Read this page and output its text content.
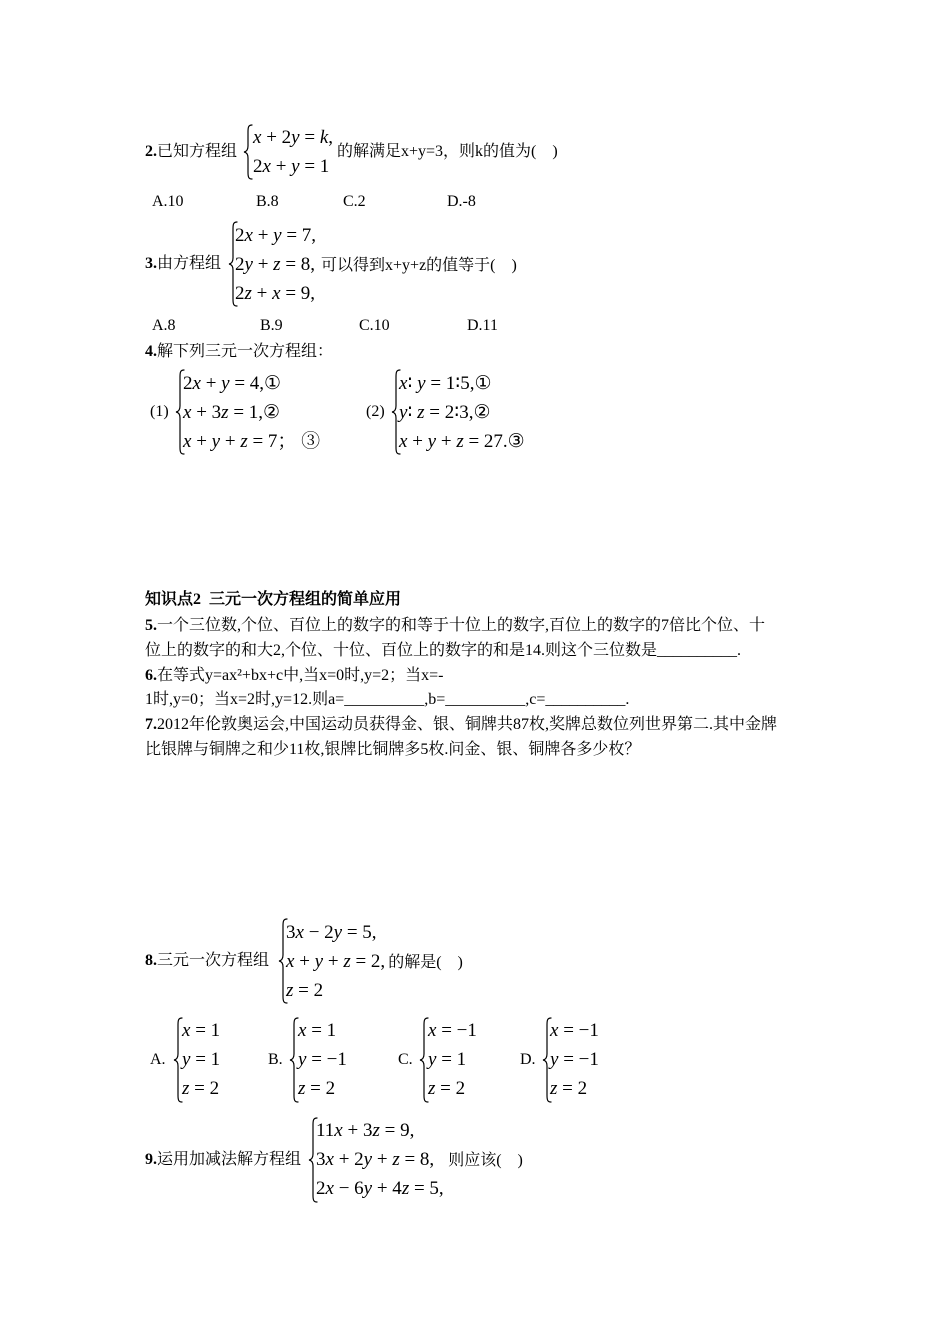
2.已知方程组
x + 2y = k,
2x + y = 1
的解满足x+y=3，则k的值为(    )
A.10	B.8	C.2	D.-8
3.由方程组
2x + y = 7,
2y + z = 8, 可以得到x+y+z的值等于(    )
2z + x = 9,
A.8	B.9	C.10	D.11
4.解下列三元一次方程组：
(1)
2x + y = 4,①
x + 3z = 1,②
x + y + z = 7； ③
(2)
x∶ y = 1∶5,①
y∶ z = 2∶3,②
x + y + z = 27.③
知识点2  三元一次方程组的简单应用
5.一个三位数,个位、百位上的数字的和等于十位上的数字,百位上的数字的7倍比个位、十
位上的数字的和大2,个位、十位、百位上的数字的和是14.则这个三位数是__________.
6.在等式y=ax²+bx+c中,当x=0时,y=2；当x=-
1时,y=0；当x=2时,y=12.则a=__________,b=__________,c=__________.
7.2012年伦敦奥运会,中国运动员获得金、银、铜牌共87枚,奖牌总数位列世界第二.其中金牌
比银牌与铜牌之和少11枚,银牌比铜牌多5枚.问金、银、铜牌各多少枚？
8.三元一次方程组
3x − 2y = 5,
x + y + z = 2, 的解是(    )
z = 2
A.
x = 1
y = 1
z = 2
B.
x = 1
y = −1
z = 2
C.
x = −1
y = 1
z = 2
D.
x = −1
y = −1
z = 2
9.运用加减法解方程组
11x + 3z = 9,
3x + 2y + z = 8, 则应该(    )
2x − 6y + 4z = 5,
